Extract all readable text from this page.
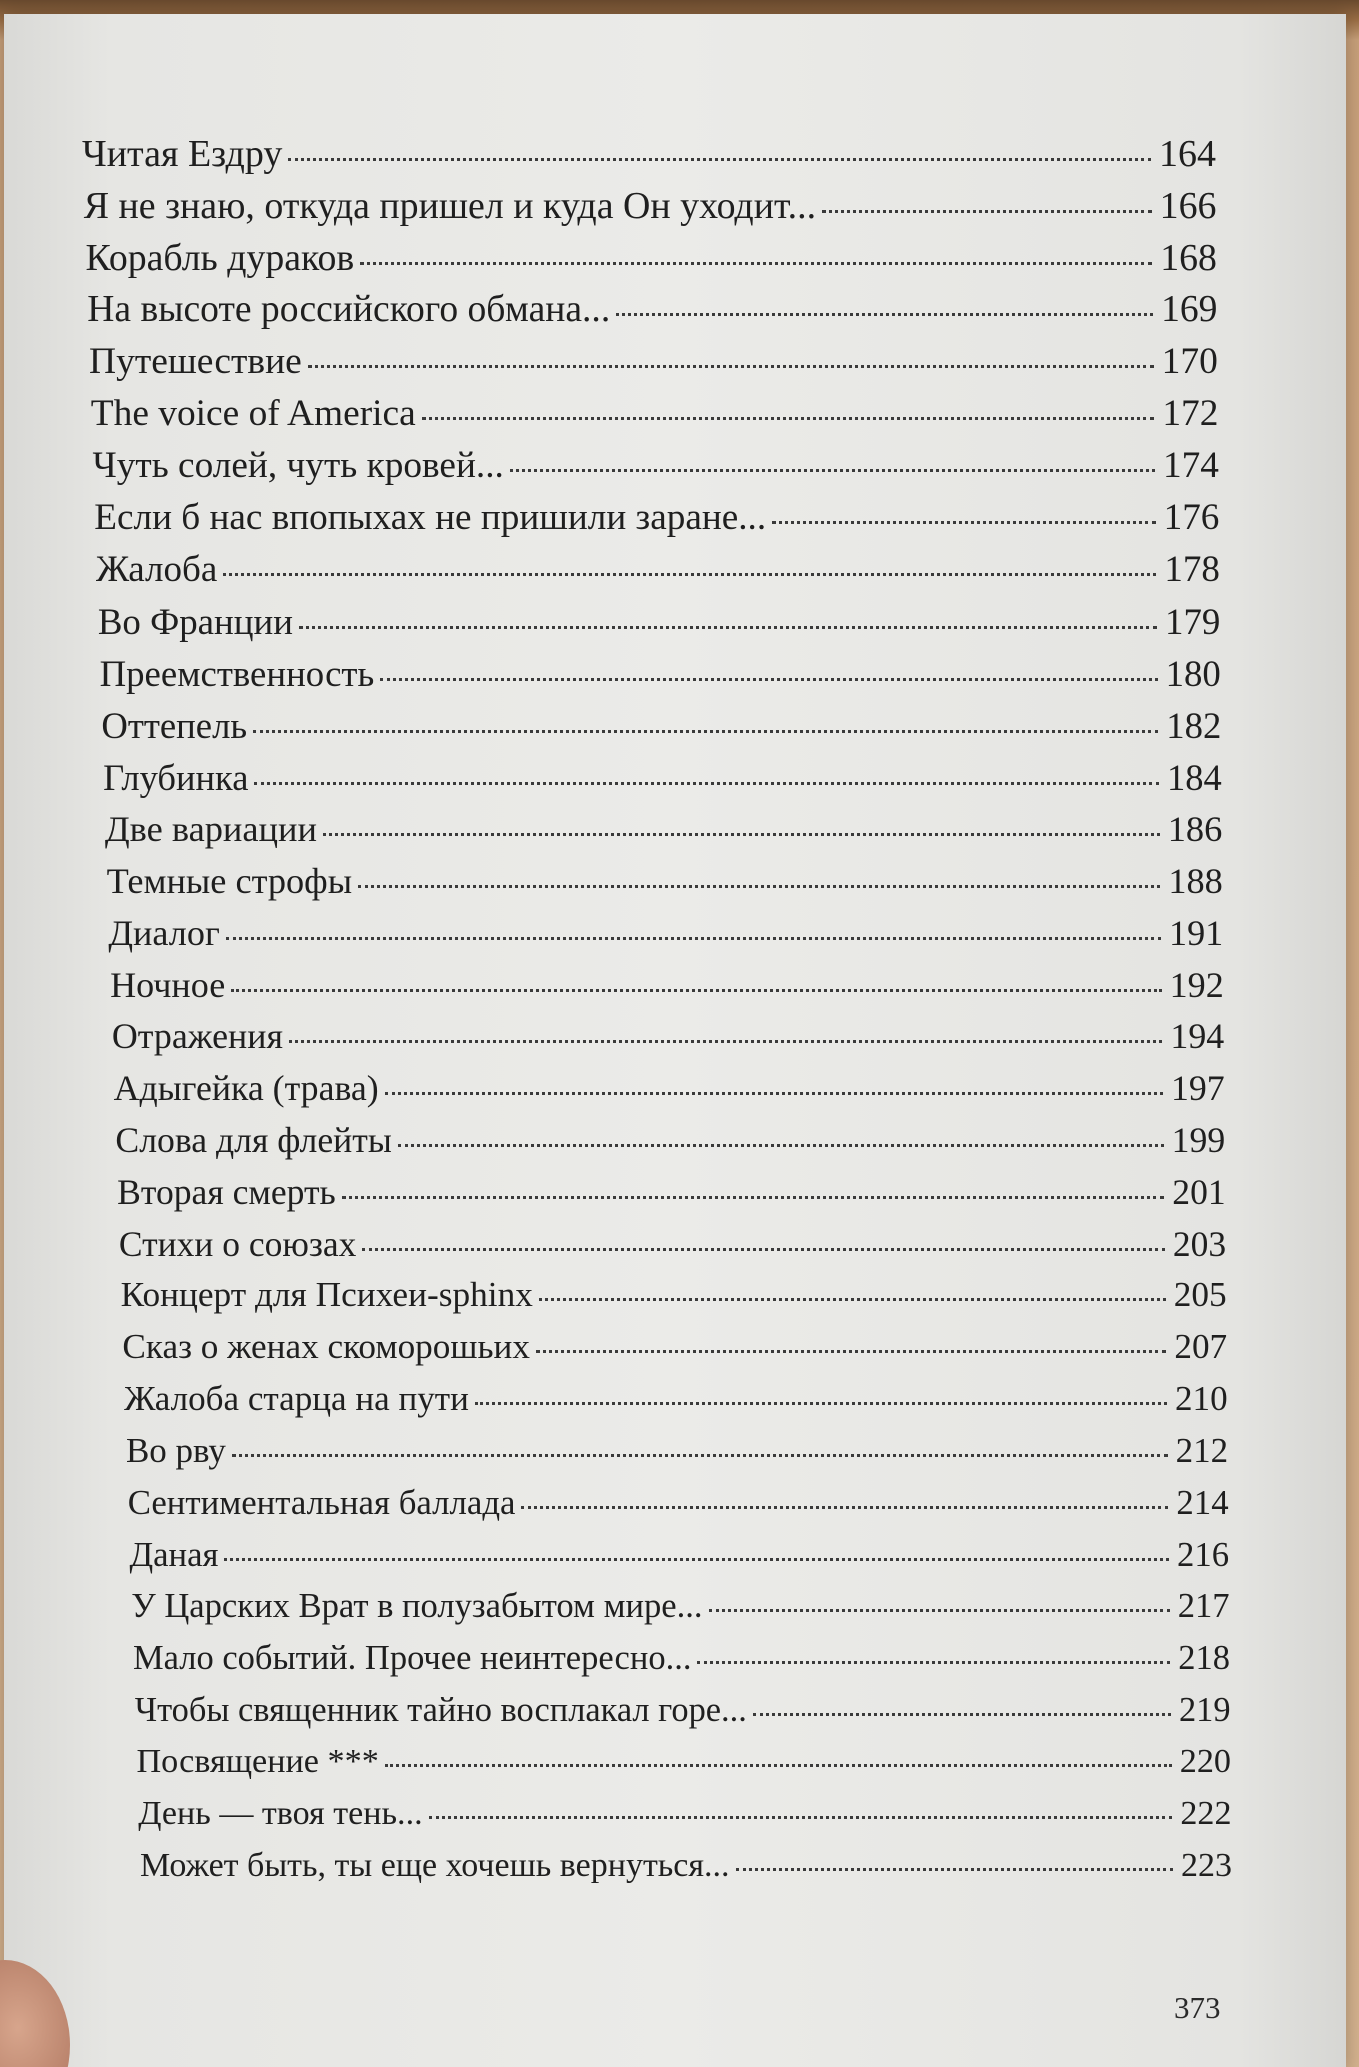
Читая Ездру	164
Я не знаю, откуда пришел и куда Он уходит...	166
Корабль дураков	168
На высоте российского обмана...	169
Путешествие	170
The voice of America	172
Чуть солей, чуть кровей...	174
Если б нас впопыхах не пришили заране...	176
Жалоба	178
Во Франции	179
Преемственность	180
Оттепель	182
Глубинка	184
Две вариации	186
Темные строфы	188
Диалог	191
Ночное	192
Отражения	194
Адыгейка (трава)	197
Слова для флейты	199
Вторая смерть	201
Стихи о союзах	203
Концерт для Психеи-sphinx	205
Сказ о женах скоморошьих	207
Жалоба старца на пути	210
Во рву	212
Сентиментальная баллада	214
Даная	216
У Царских Врат в полузабытом мире...	217
Мало событий. Прочее неинтересно...	218
Чтобы священник тайно восплакал горе...	219
Посвящение ***	220
День — твоя тень...	222
Может быть, ты еще хочешь вернуться...	223
373
